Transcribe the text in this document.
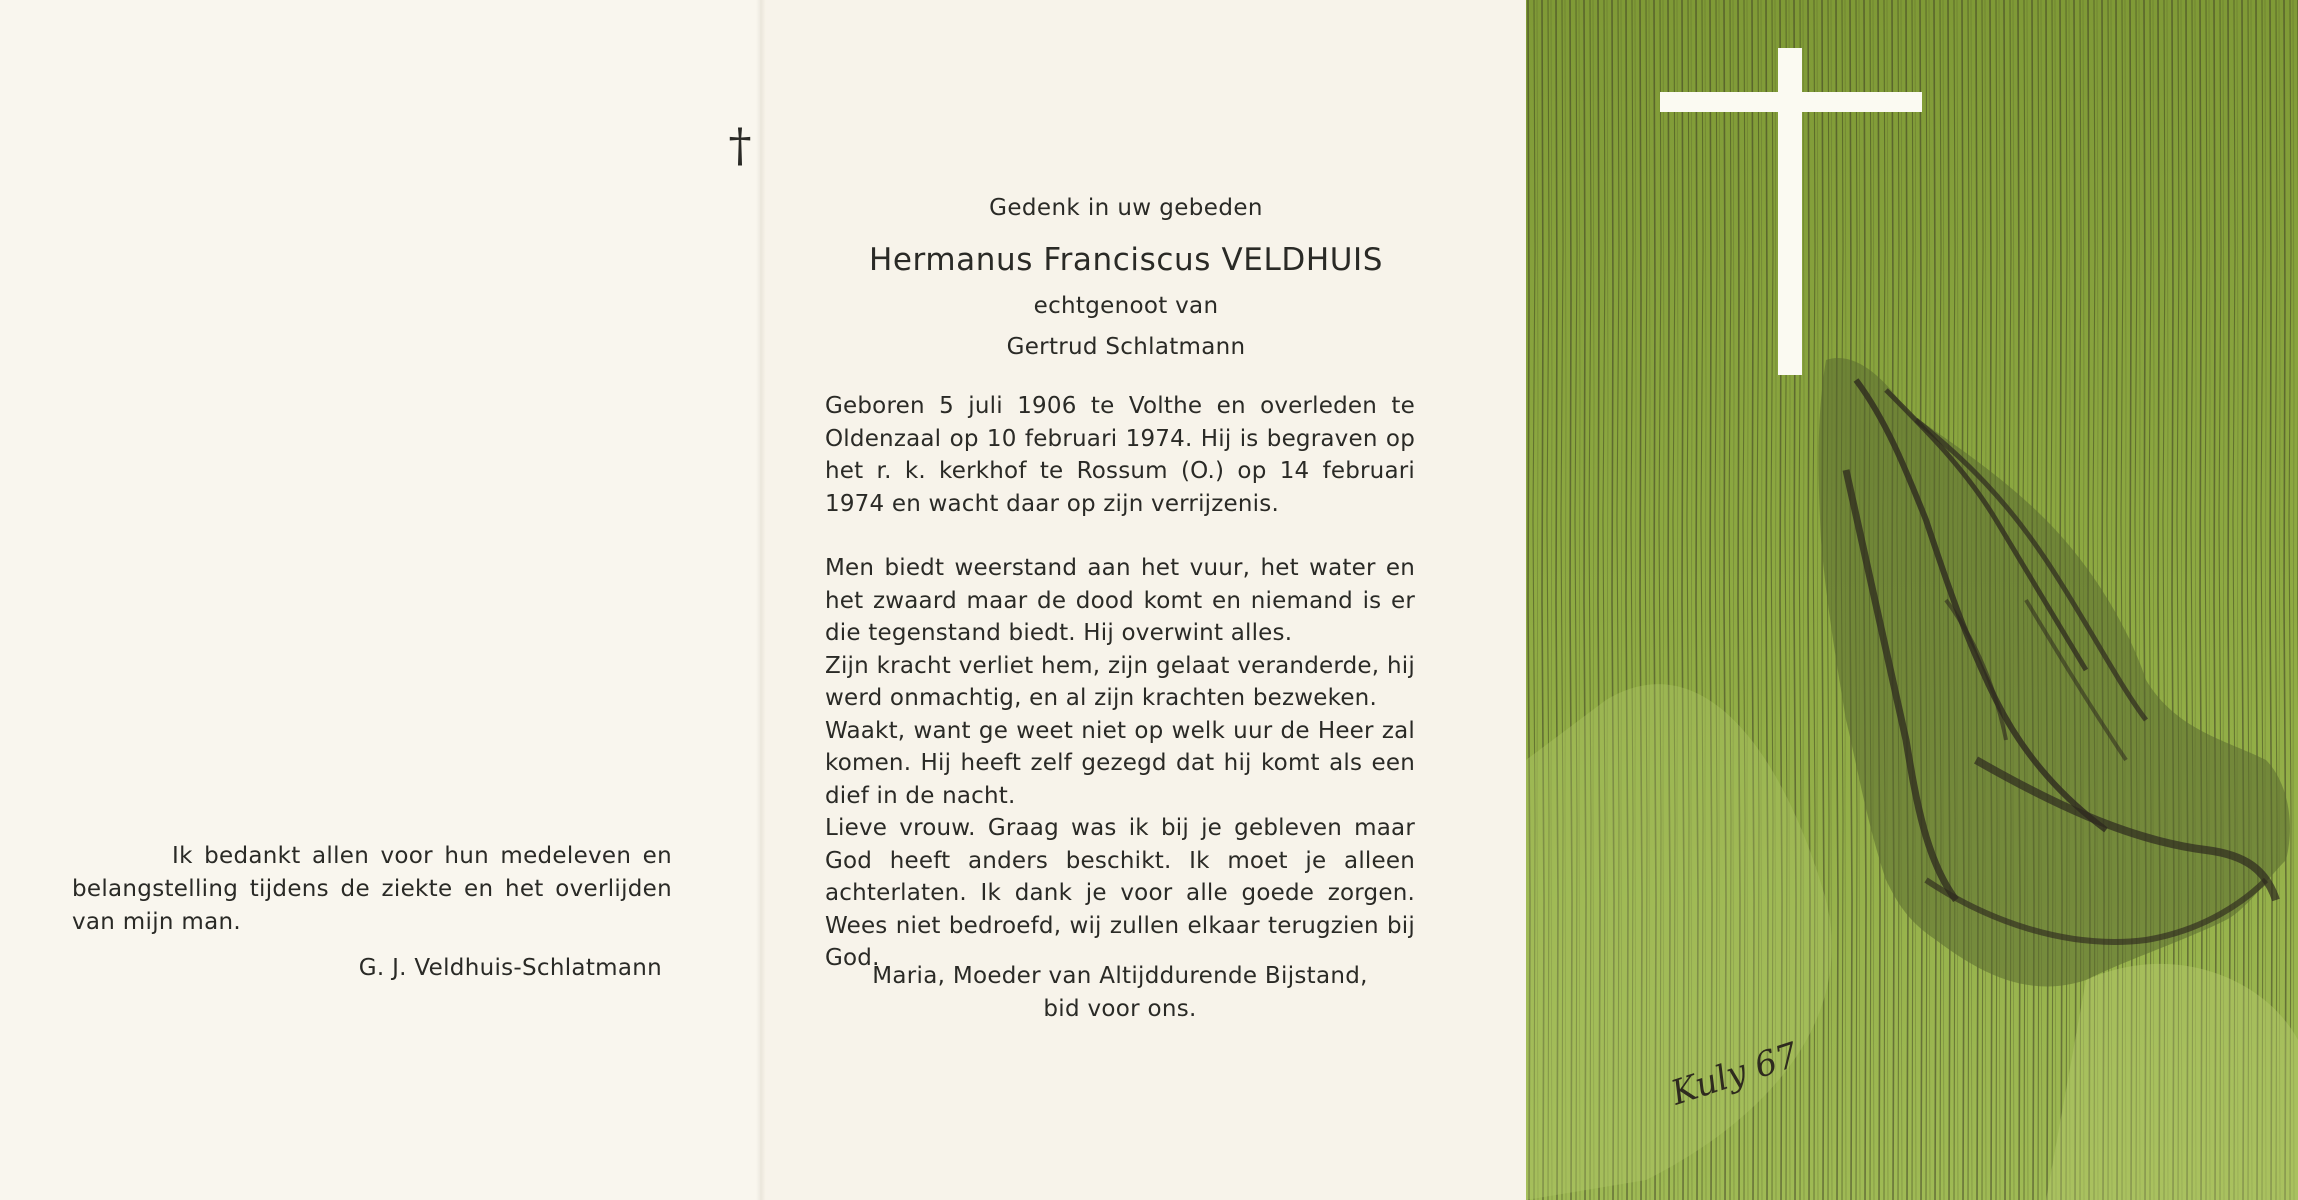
Ik bedankt allen voor hun medeleven en belangstelling tijdens de ziekte en het overlijden van mijn man.
G. J. Veldhuis-Schlatmann
†
Gedenk in uw gebeden
Hermanus Franciscus VELDHUIS
echtgenoot van
Gertrud Schlatmann

Geboren 5 juli 1906 te Volthe en overleden te Oldenzaal op 10 februari 1974. Hij is begraven op het r. k. kerkhof te Rossum (O.) op 14 februari 1974 en wacht daar op zijn verrijzenis.

Men biedt weerstand aan het vuur, het water en het zwaard maar de dood komt en niemand is er die tegenstand biedt. Hij overwint alles.

Zijn kracht verliet hem, zijn gelaat veranderde, hij werd onmachtig, en al zijn krachten bezweken.

Waakt, want ge weet niet op welk uur de Heer zal komen. Hij heeft zelf gezegd dat hij komt als een dief in de nacht.

Lieve vrouw. Graag was ik bij je gebleven maar God heeft anders beschikt. Ik moet je alleen achterlaten. Ik dank je voor alle goede zorgen. Wees niet bedroefd, wij zullen elkaar terugzien bij God.

Maria, Moeder van Altijddurende Bijstand,
bid voor ons.
Kuly 67
